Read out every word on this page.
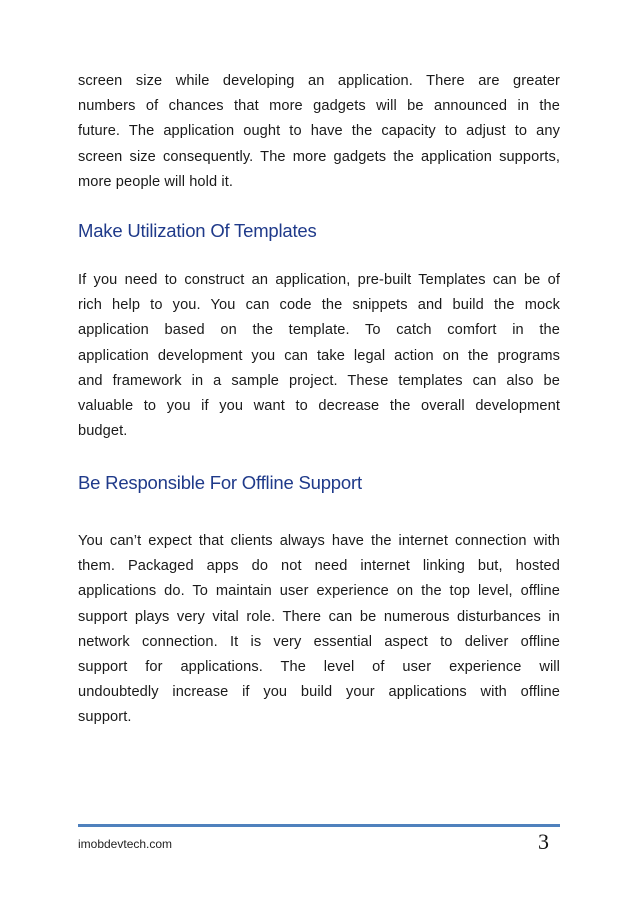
screen size while developing an application. There are greater
numbers of chances that more gadgets will be announced in the
future. The application ought to have the capacity to adjust to any
screen size consequently. The more gadgets the application supports,
more people will hold it.

Make Utilization Of Templates

If you need to construct an application, pre-built Templates can be of
rich help to you. You can code the snippets and build the mock
application based on the template. To catch comfort in the
application development you can take legal action on the programs
and framework in a sample project. These templates can also be
valuable to you if you want to decrease the overall development
budget.

Be Responsible For Offline Support

You can’t expect that clients always have the internet connection with
them. Packaged apps do not need internet linking but, hosted
applications do. To maintain user experience on the top level, offline
support plays very vital role. There can be numerous disturbances in
network connection. It is very essential aspect to deliver offline
support for applications. The level of user experience will
undoubtedly increase if you build your applications with offline
support.

imobdevtech.com	3
